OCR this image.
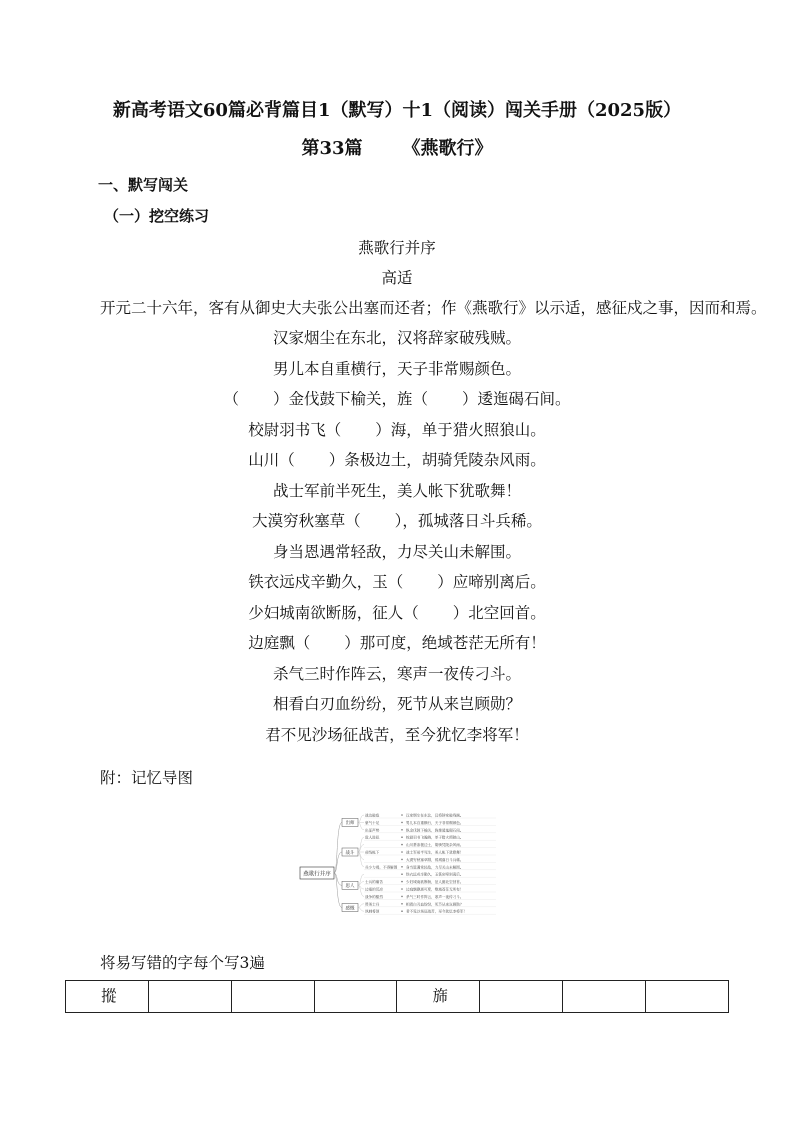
新高考语文60篇必背篇目1（默写）十1（阅读）闯关手册（2025版）
第33篇 《燕歌行》
一、默写闯关
（一）挖空练习
燕歌行并序
高适
开元二十六年，客有从御史大夫张公出塞而还者；作《燕歌行》以示适，感征戍之事，因而和焉。
汉家烟尘在东北，汉将辞家破残贼。
男儿本自重横行，天子非常赐颜色。
（ ）金伐鼓下榆关，旌（ ）逶迤碣石间。
校尉羽书飞（ ）海，单于猎火照狼山。
山川（ ）条极边土，胡骑凭陵杂风雨。
战士军前半死生，美人帐下犹歌舞！
大漠穷秋塞草（ ），孤城落日斗兵稀。
身当恩遇常轻敌，力尽关山未解围。
铁衣远戍辛勤久，玉（ ）应啼别离后。
少妇城南欲断肠，征人（ ）北空回首。
边庭飘（ ）那可度，绝域苍茫无所有！
杀气三时作阵云，寒声一夜传刁斗。
相看白刃血纷纷，死节从来岂顾勋？
君不见沙场征战苦，至今犹忆李将军！
附：记忆导图
燕歌行并序
出师
战边破敌	汉家烟尘在东北，汉将辞家破残贼。
豪气十足	男儿本自重横行，天子非常赐颜色。
出征声势	纵金伐鼓下榆关，旌旆逶迤碣石间。
战斗
敌人进犯	校尉羽书飞瀚海，单于猎火照狼山。
山川萧条极边土，胡骑凭陵杂风雨。
前线帐下	战士军前半死生，美人帐下犹歌舞！
大漠穷秋塞草腓，孤城落日斗兵稀。
兵少力竭，不得解围 身当恩遇常轻敌，力尽关山未解围。
思人
铁衣远戍辛勤久，玉箸应啼别离后。
士兵的痛苦	少妇城南欲断肠，征人蓟北空回首。
边塞的荒凉	边庭飘飖那可度，绝域苍茫无所有！
战争的酷烈	杀气三时作阵云，寒声一夜传刁斗。
感慨
赞美士兵	相看白刃血纷纷，死节从来岂顾勋？
讽刺将领	君不见沙场征战苦，至今犹忆李将军！
将易写错的字每个写3遍
摐				旆			
